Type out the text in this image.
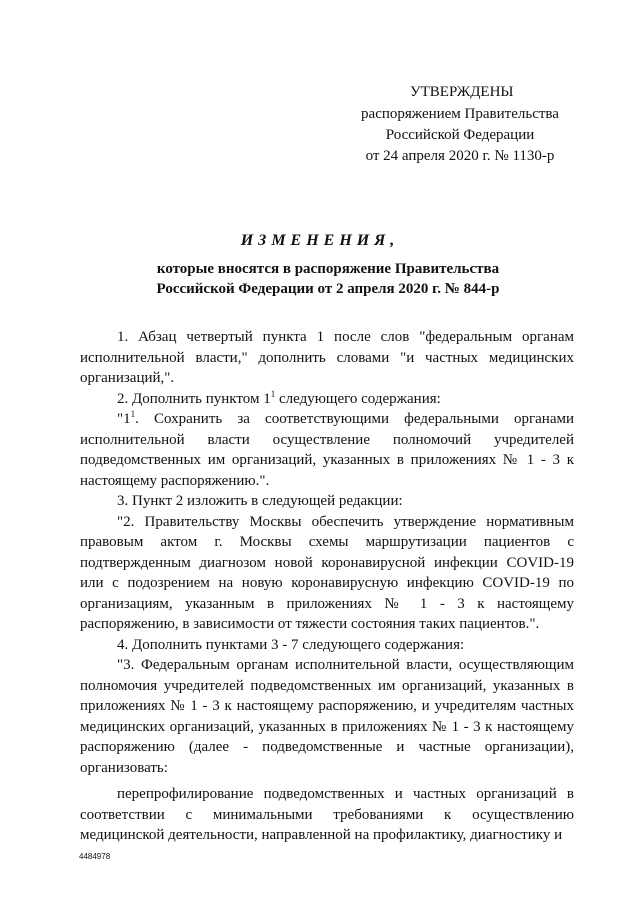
УТВЕРЖДЕНЫ
распоряжением Правительства
Российской Федерации
от 24 апреля 2020 г. № 1130-р
ИЗМЕНЕНИЯ,
которые вносятся в распоряжение Правительства
Российской Федерации от 2 апреля 2020 г. № 844-р

1. Абзац четвертый пункта 1 после слов "федеральным органам исполнительной власти," дополнить словами "и частных медицинских организаций,".

2. Дополнить пунктом $1^1$ следующего содержания:

"$1^1$. Сохранить за соответствующими федеральными органами исполнительной власти осуществление полномочий учредителей подведомственных им организаций, указанных в приложениях № 1 - 3 к настоящему распоряжению.".

3. Пункт 2 изложить в следующей редакции:

"2. Правительству Москвы обеспечить утверждение нормативным правовым актом г. Москвы схемы маршрутизации пациентов с подтвержденным диагнозом новой коронавирусной инфекции COVID-19 или с подозрением на новую коронавирусную инфекцию COVID-19 по организациям, указанным в приложениях № 1 - 3 к настоящему распоряжению, в зависимости от тяжести состояния таких пациентов.".

4. Дополнить пунктами 3 - 7 следующего содержания:

"3. Федеральным органам исполнительной власти, осуществляющим полномочия учредителей подведомственных им организаций, указанных в приложениях № 1 - 3 к настоящему распоряжению, и учредителям частных медицинских организаций, указанных в приложениях № 1 - 3 к настоящему распоряжению (далее - подведомственные и частные организации), организовать:

перепрофилирование подведомственных и частных организаций в соответствии с минимальными требованиями к осуществлению медицинской деятельности, направленной на профилактику, диагностику и

4484978
